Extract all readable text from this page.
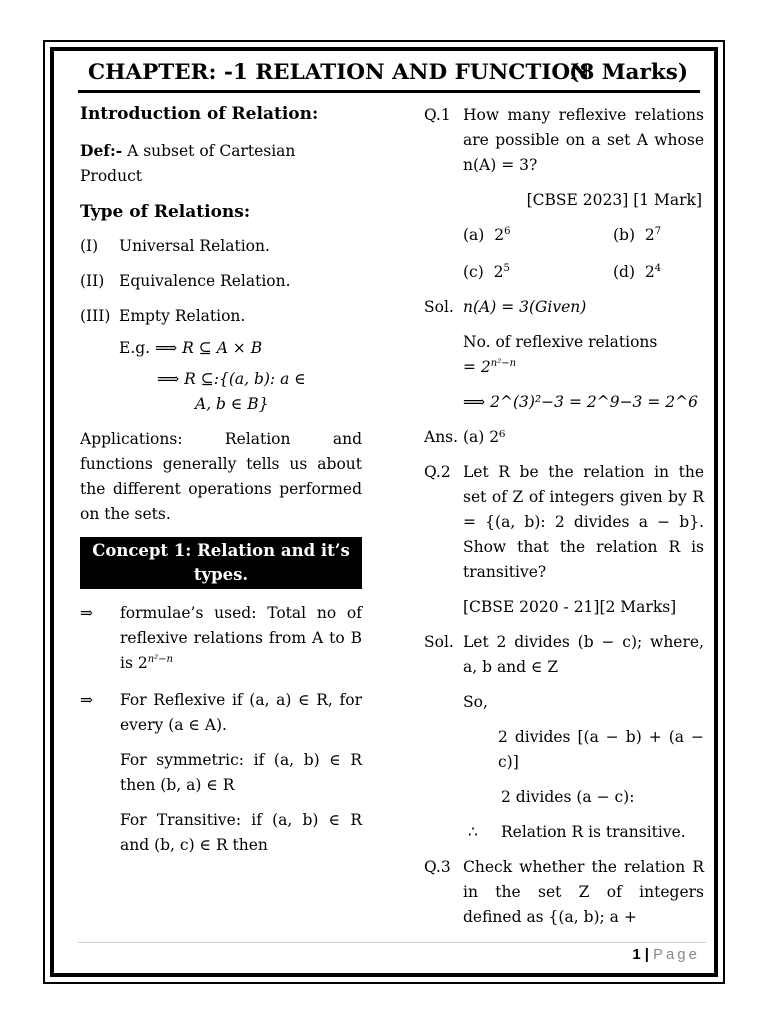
CHAPTER: -1 RELATION AND FUNCTION
(8 Marks)
Introduction of Relation:
Def:- A subset of Cartesian Product
Type of Relations:
(I) Universal Relation.
(II) Equivalence Relation.
(III) Empty Relation.
E.g. ⟹ R ⊆ A × B
⟹ R ⊆:{(a, b): a ∈
A, b ∈ B}
Applications: Relation and functions generally tells us about the different operations performed on the sets.
Concept 1: Relation and it’s types.
⇒	formulae’s used: Total no of reflexive relations from A to B is $2^{n^2-n}$
⇒	For Reflexive if (a, a) ∈ R, for every (a ∈ A).
For symmetric: if (a, b) ∈ R then (b, a) ∈ R
For Transitive: if (a, b) ∈ R and (b, c) ∈ R then
Q.1 How many reflexive relations are possible on a set A whose n(A) = 3?
[CBSE 2023] [1 Mark]
(a) $2^6$	(b) $2^7$
(c) $2^5$	(d) $2^4$
Sol. n(A) = 3(Given)
No. of reflexive relations
= $2^{n^2-n}$
⟹ 2^(3)²−3 = 2^9−3 = 2^6
Ans. (a) 2⁶
Q.2 Let R be the relation in the set of Z of integers given by R = {(a, b): 2 divides a − b}. Show that the relation R is transitive?
[CBSE 2020 - 21][2 Marks]
Sol. Let 2 divides (b − c); where, a, b and ∈ Z
So,
2 divides [(a − b) + (a − c)]
2 divides (a − c):
∴	Relation R is transitive.
Q.3 Check whether the relation R in the set Z of integers defined as {(a, b); a +
1 | Page
